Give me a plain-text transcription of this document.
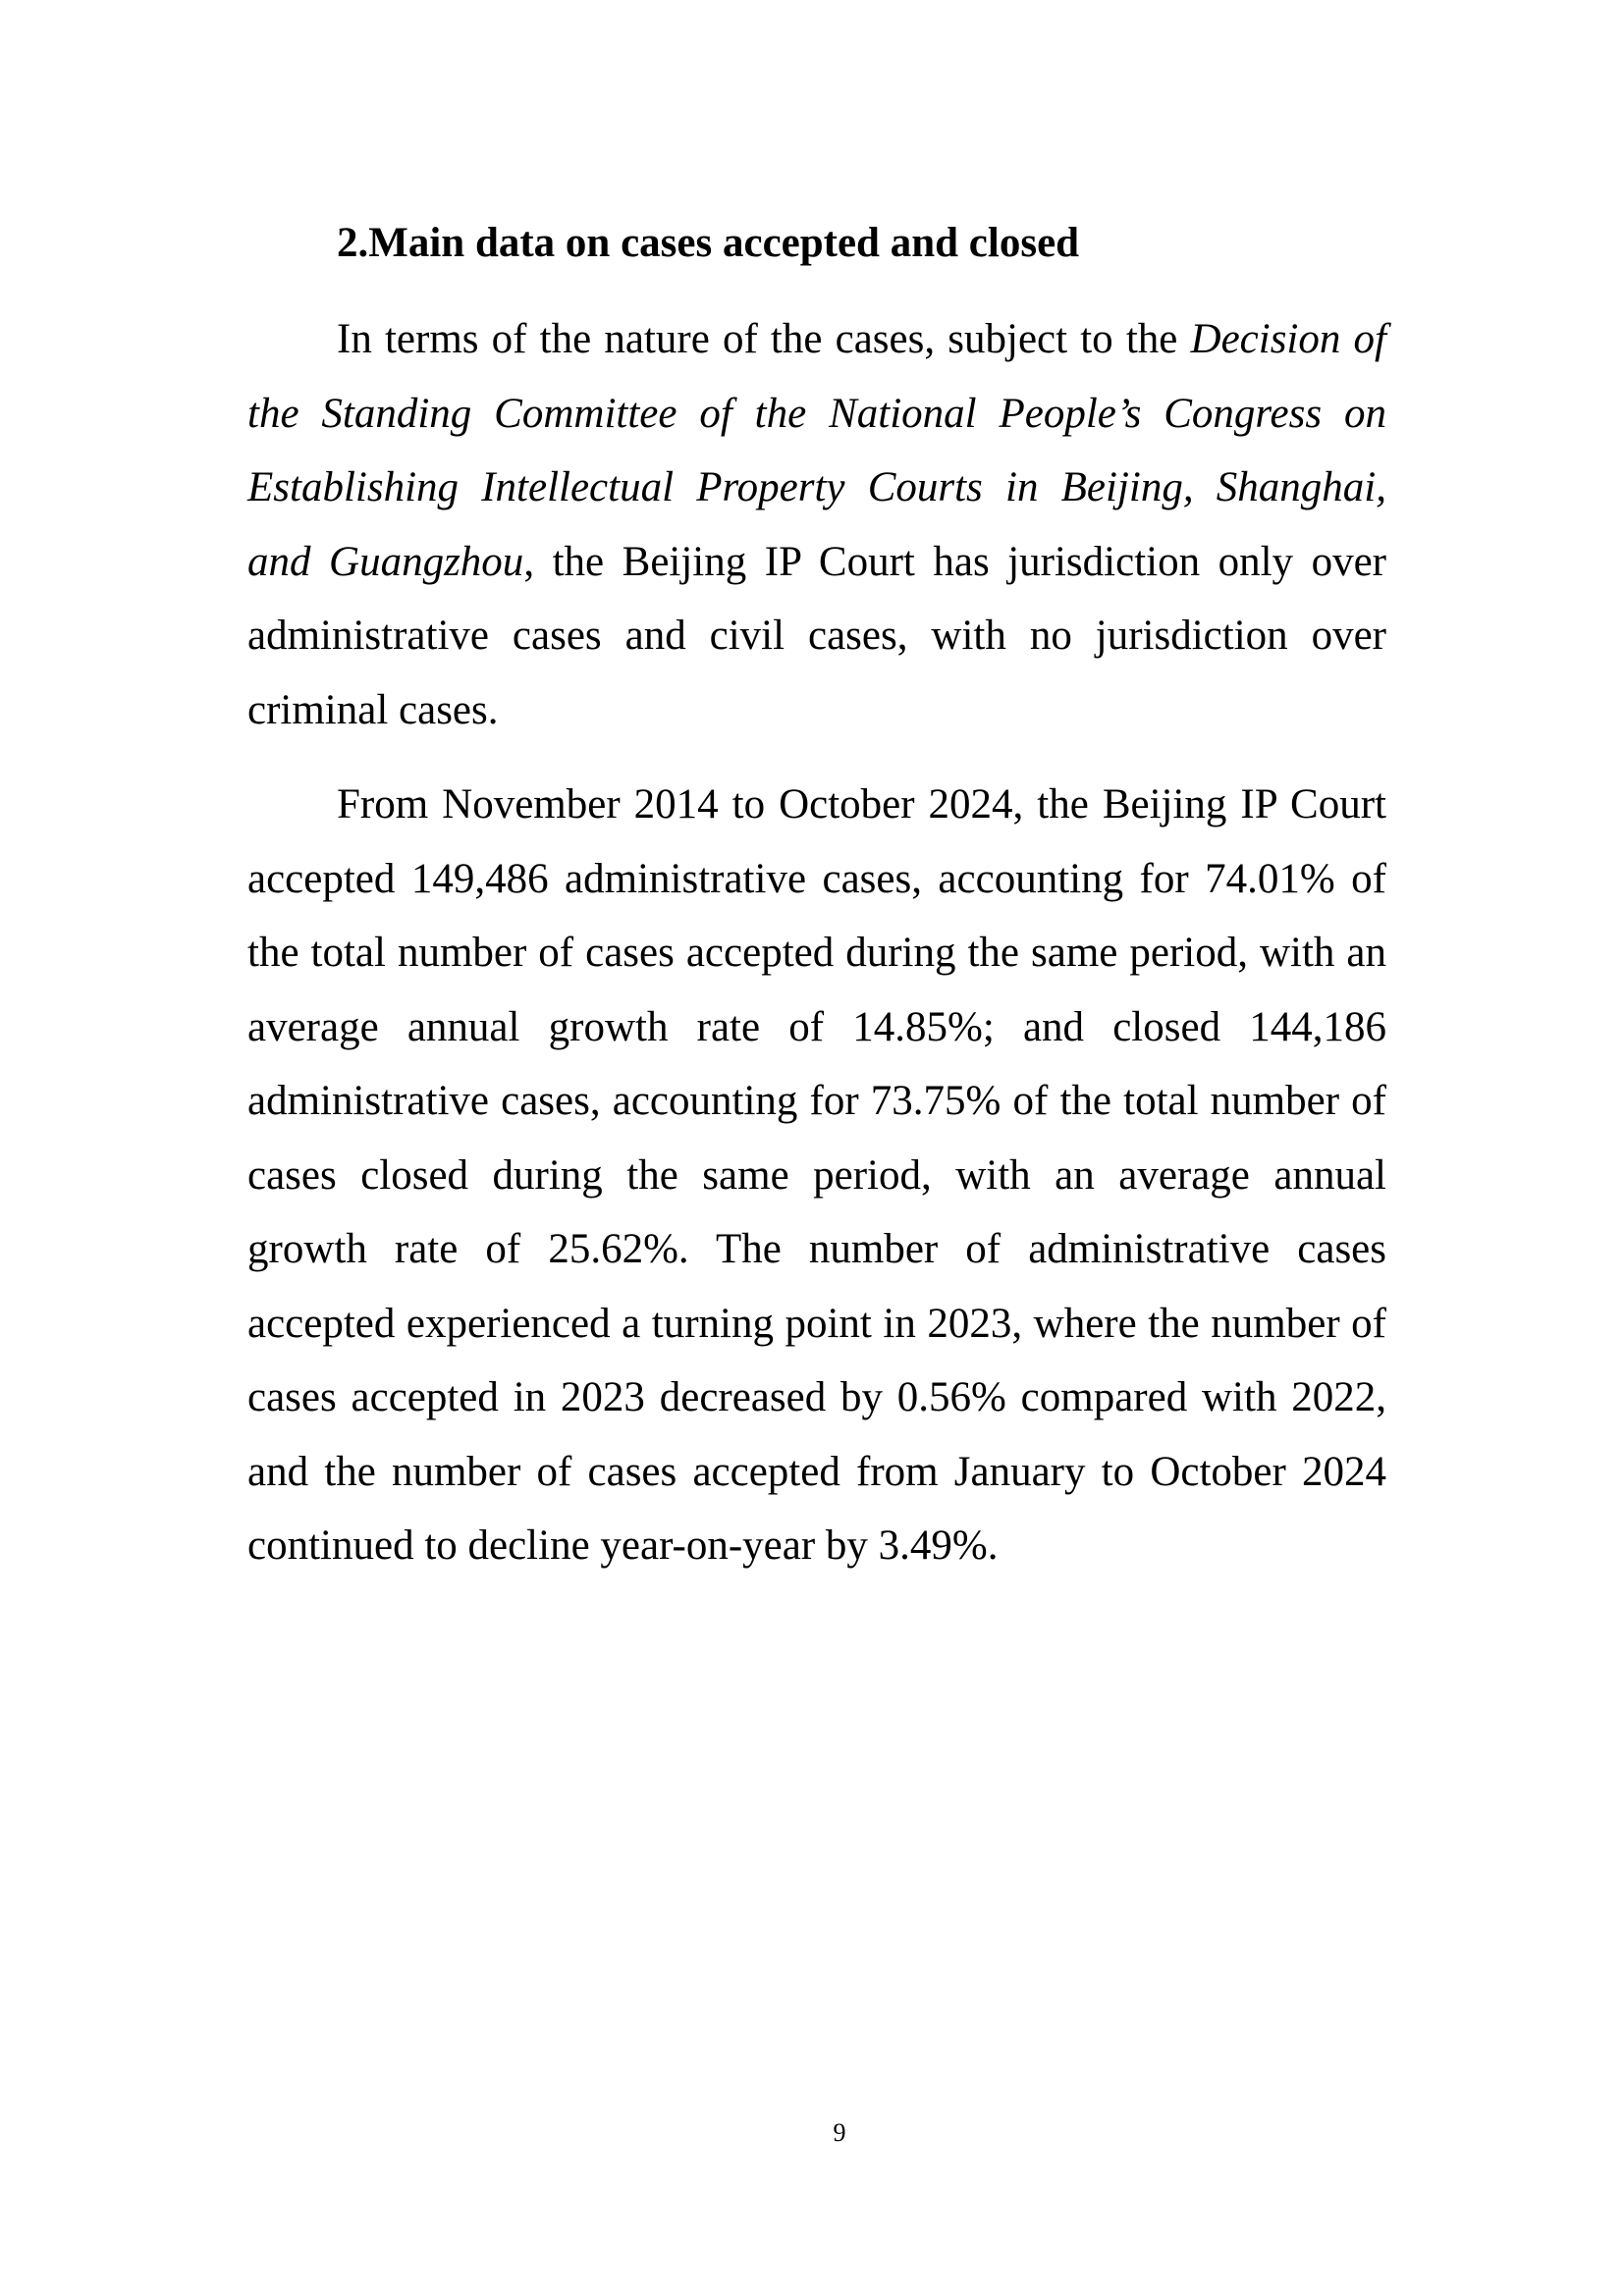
2.Main data on cases accepted and closed

In terms of the nature of the cases, subject to the Decision of the Standing Committee of the National People’s Congress on Establishing Intellectual Property Courts in Beijing, Shanghai, and Guangzhou, the Beijing IP Court has jurisdiction only over administrative cases and civil cases, with no jurisdiction over criminal cases.

From November 2014 to October 2024, the Beijing IP Court accepted 149,486 administrative cases, accounting for 74.01% of the total number of cases accepted during the same period, with an average annual growth rate of 14.85%; and closed 144,186 administrative cases, accounting for 73.75% of the total number of cases closed during the same period, with an average annual growth rate of 25.62%. The number of administrative cases accepted experienced a turning point in 2023, where the number of cases accepted in 2023 decreased by 0.56% compared with 2022, and the number of cases accepted from January to October 2024 continued to decline year-on-year by 3.49%.

9
